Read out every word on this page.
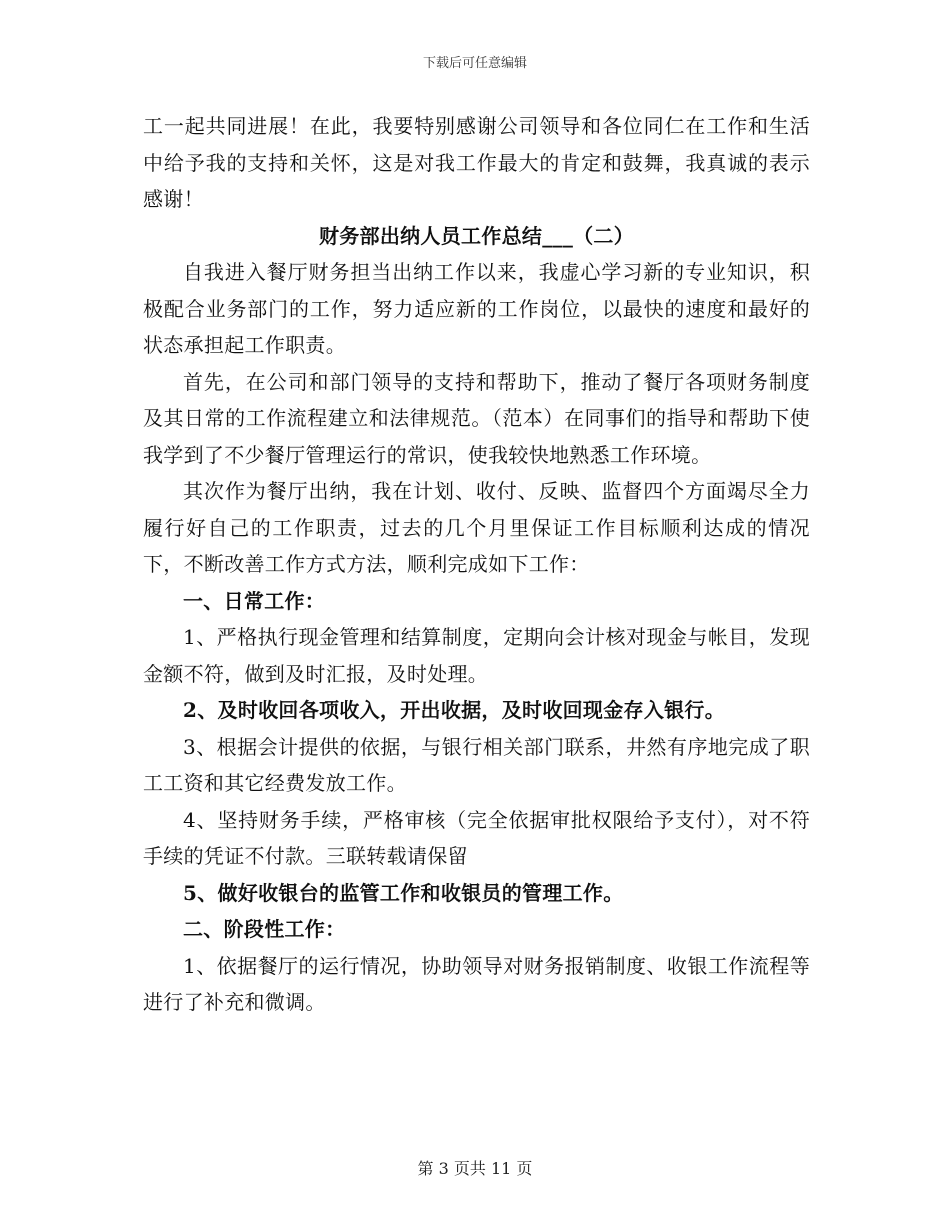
下载后可任意编辑

工一起共同进展！在此，我要特别感谢公司领导和各位同仁在工作和生活中给予我的支持和关怀，这是对我工作最大的肯定和鼓舞，我真诚的表示感谢！

财务部出纳人员工作总结___（二）

自我进入餐厅财务担当出纳工作以来，我虚心学习新的专业知识，积极配合业务部门的工作，努力适应新的工作岗位，以最快的速度和最好的状态承担起工作职责。

首先，在公司和部门领导的支持和帮助下，推动了餐厅各项财务制度及其日常的工作流程建立和法律规范。（范本）在同事们的指导和帮助下使我学到了不少餐厅管理运行的常识，使我较快地熟悉工作环境。

其次作为餐厅出纳，我在计划、收付、反映、监督四个方面竭尽全力履行好自己的工作职责，过去的几个月里保证工作目标顺利达成的情况下，不断改善工作方式方法，顺利完成如下工作：

一、日常工作：

1、严格执行现金管理和结算制度，定期向会计核对现金与帐目，发现金额不符，做到及时汇报，及时处理。

2、及时收回各项收入，开出收据，及时收回现金存入银行。

3、根据会计提供的依据，与银行相关部门联系，井然有序地完成了职工工资和其它经费发放工作。

4、坚持财务手续，严格审核（完全依据审批权限给予支付），对不符手续的凭证不付款。三联转载请保留

5、做好收银台的监管工作和收银员的管理工作。

二、阶段性工作：

1、依据餐厅的运行情况，协助领导对财务报销制度、收银工作流程等进行了补充和微调。

第 3 页共 11 页
